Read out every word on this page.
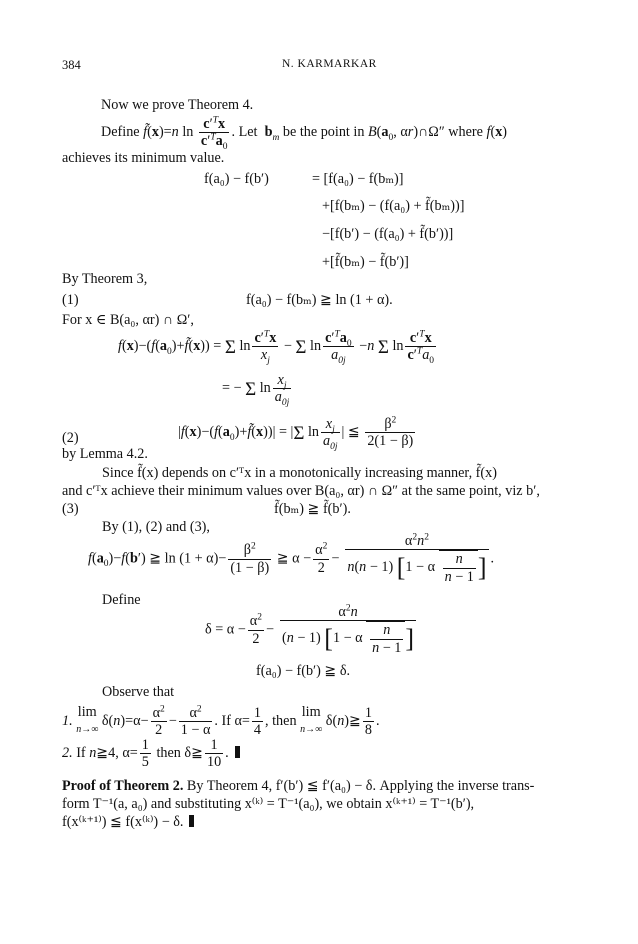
384	N. KARMARKAR
Now we prove Theorem 4.
Define f̃(x)=n $\ln \frac{c'^Tx}{c'^Ta_0}$ . Let $b_m$ be the point in $B(a_0$, αr)∩Ω″ where f(x)
achieves its minimum value.
f(a₀) − f(b′)	= [f(a₀) − f(bₘ)]
+[f(bₘ) − (f(a₀) + f̃(bₘ))]
−[f(b′) − (f(a₀) + f̃(b′))]
+[f̃(bₘ) − f̃(b′)]
By Theorem 3,
(1)	f(a₀) − f(bₘ) ≧ ln (1 + α).
For x ∈ B(a₀, αr) ∩ Ω′,
$f(x)-(f(a_0)+f̃(x)) = \Sigma$ $\ln \frac{c'^Tx}{x_j} - \Sigma$ $\ln \frac{c'^Ta_0}{a_{0j}} -n$ Σ $\ln \frac{c'^Tx}{c'^Ta_0}$
= − Σ $\ln \frac{x_j}{a_{0j}}$
(2)	$|f(x)-(f(a_0)+f̃(x))| = |\Sigma$ $\ln \frac{x_j}{a_{0j}}$ | ≦ $\frac{\beta^2}{2(1 - \beta)}$
by Lemma 4.2.
Since f̃(x) depends on c′ᵀx in a monotonically increasing manner, f̃(x)
and c′ᵀx achieve their minimum values over B(a₀, αr) ∩ Ω″ at the same point, viz b′,
(3)	f̃(bₘ) ≧ f̃(b′).
By (1), (2) and (3),
$f(a_0)-f(b')$ ≧ $\ln (1 + \alpha)- \frac{\beta^2}{(1 - \beta)}$ ≧ $\alpha - \frac{\alpha^2}{2} - \frac{\alpha^2n^2}{n(n - 1) [1 - \alpha \frac{n}{n - 1} ]}$ .
Define
$\delta = \alpha - \frac{\alpha^2}{2} - \frac{\alpha^2n}{(n - 1) [1 - \alpha \frac{n}{n - 1} ]}$
f(a₀) − f(b′) ≧ δ.
Observe that
1. lim
n→∞ $\delta(n)=\alpha- \frac{\alpha^2}{2} - \frac{\alpha^2}{1 - \alpha}$ . If $\alpha= \frac{1}{4}$ , then lim
n→∞ δ(n)≧ $\frac{1}{8}$ .
2. If n≧4, $\alpha= \frac{1}{5}$ then δ≧ $\frac{1}{10}$ .
Proof of Theorem 2. By Theorem 4, f′(b′) ≦ f′(a₀) − δ. Applying the inverse trans-
form T⁻¹(a, a₀) and substituting x⁽ᵏ⁾ = T⁻¹(a₀), we obtain x⁽ᵏ⁺¹⁾ = T⁻¹(b′),
f(x⁽ᵏ⁺¹⁾) ≦ f(x⁽ᵏ⁾) − δ.
